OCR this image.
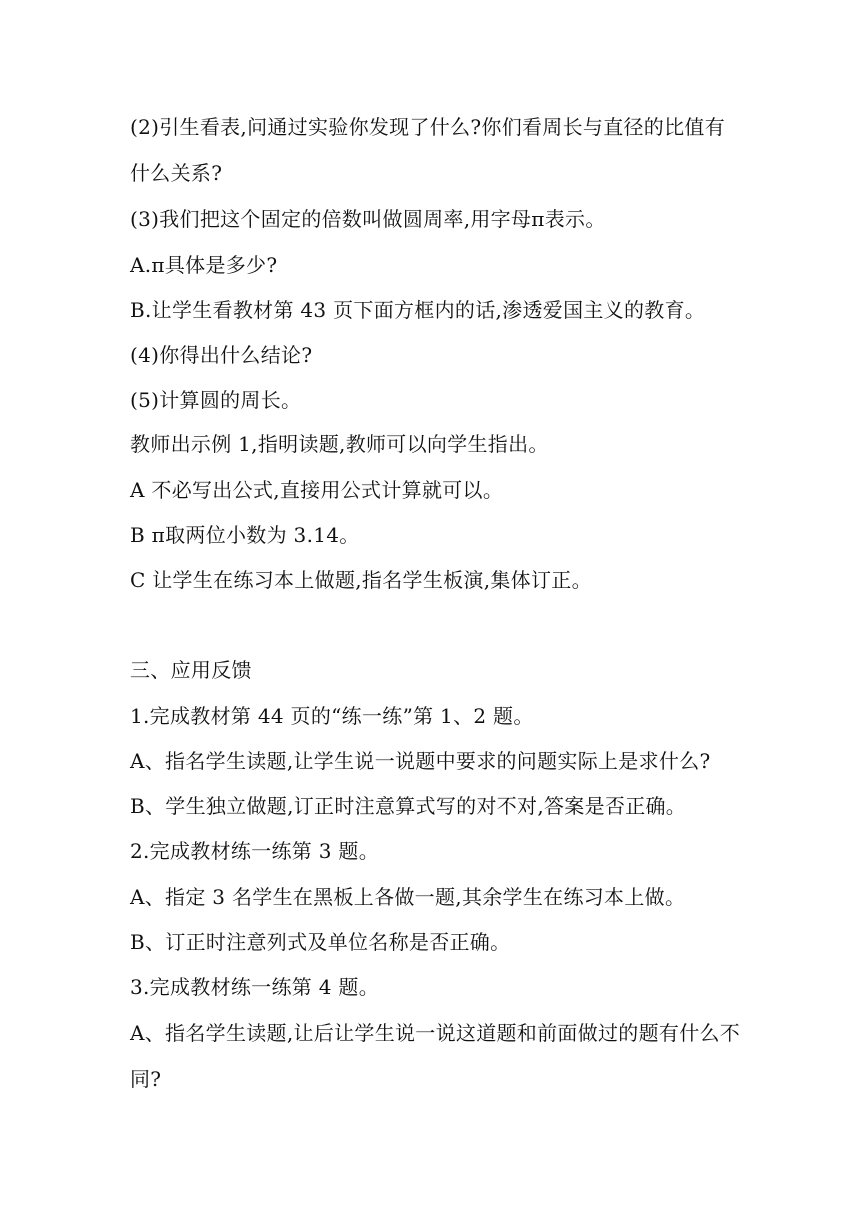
(2)引生看表,问通过实验你发现了什么?你们看周长与直径的比值有
什么关系?
(3)我们把这个固定的倍数叫做圆周率,用字母π表示。
A.π具体是多少?
B.让学生看教材第 43 页下面方框内的话,渗透爱国主义的教育。
(4)你得出什么结论?
(5)计算圆的周长。
教师出示例 1,指明读题,教师可以向学生指出。
A 不必写出公式,直接用公式计算就可以。
B π取两位小数为 3.14。
C 让学生在练习本上做题,指名学生板演,集体订正。
三、应用反馈
1.完成教材第 44 页的“练一练”第 1、2 题。
A、指名学生读题,让学生说一说题中要求的问题实际上是求什么?
B、学生独立做题,订正时注意算式写的对不对,答案是否正确。
2.完成教材练一练第 3 题。
A、指定 3 名学生在黑板上各做一题,其余学生在练习本上做。
B、订正时注意列式及单位名称是否正确。
3.完成教材练一练第 4 题。
A、指名学生读题,让后让学生说一说这道题和前面做过的题有什么不
同?
